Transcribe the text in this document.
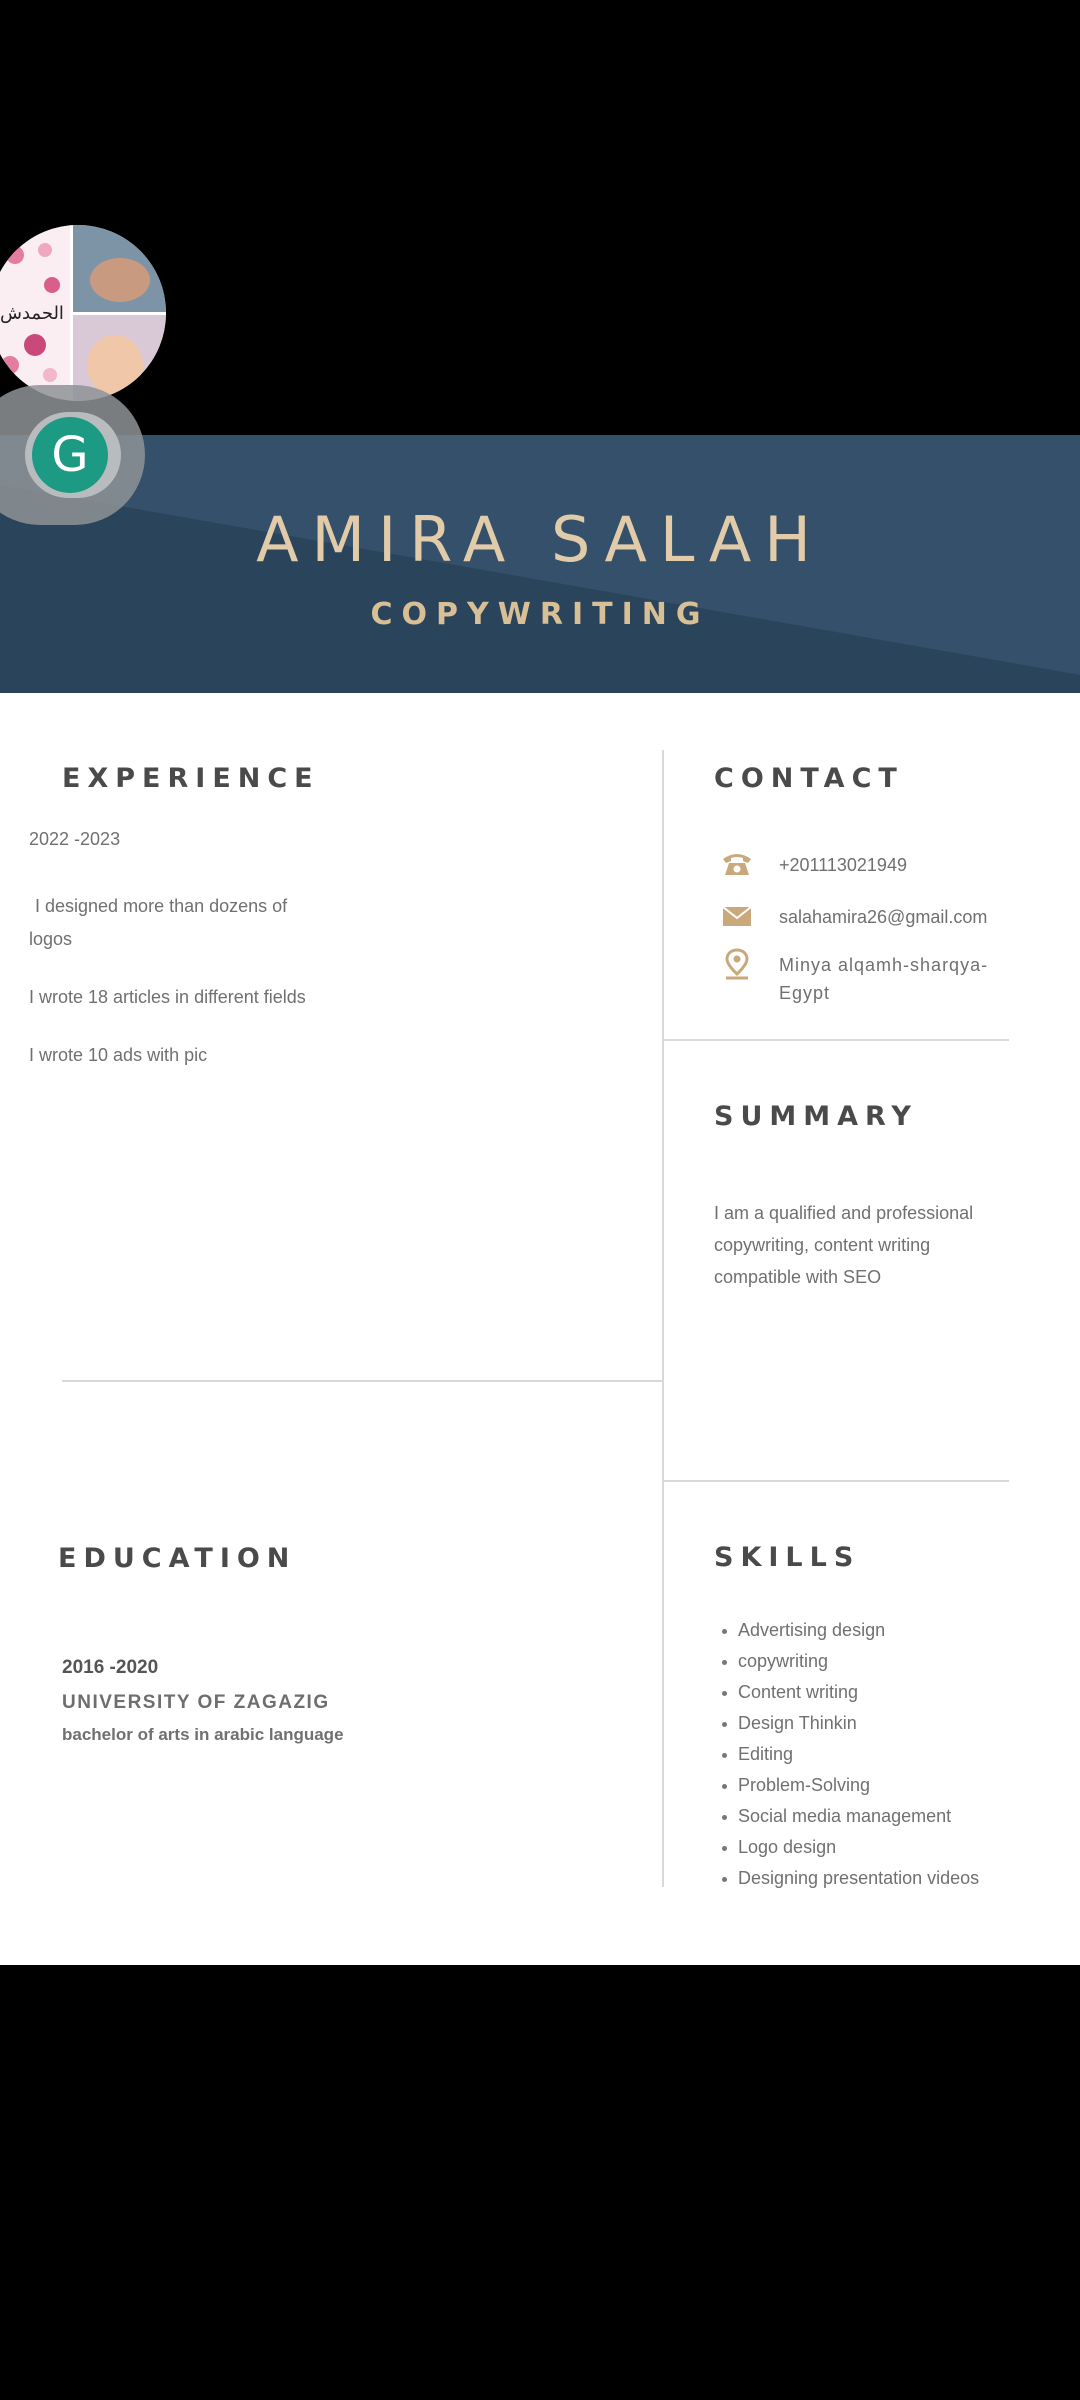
AMIRA SALAH
COPYWRITING
EXPERIENCE
2022 -2023
I designed more than dozens of
logos
I wrote 18 articles in different fields
I wrote 10 ads with pic
CONTACT
+201113021949
salahamira26@gmail.com
Minya alqamh-sharqya-
Egypt
SUMMARY
I am a qualified and professional
copywriting, content writing
compatible with SEO
EDUCATION
2016 -2020
UNIVERSITY OF ZAGAZIG
bachelor of arts in arabic language
SKILLS
Advertising design
copywriting
Content writing
Design Thinkin
Editing
Problem-Solving
Social media management
Logo design
Designing presentation videos
الحمدش
G
